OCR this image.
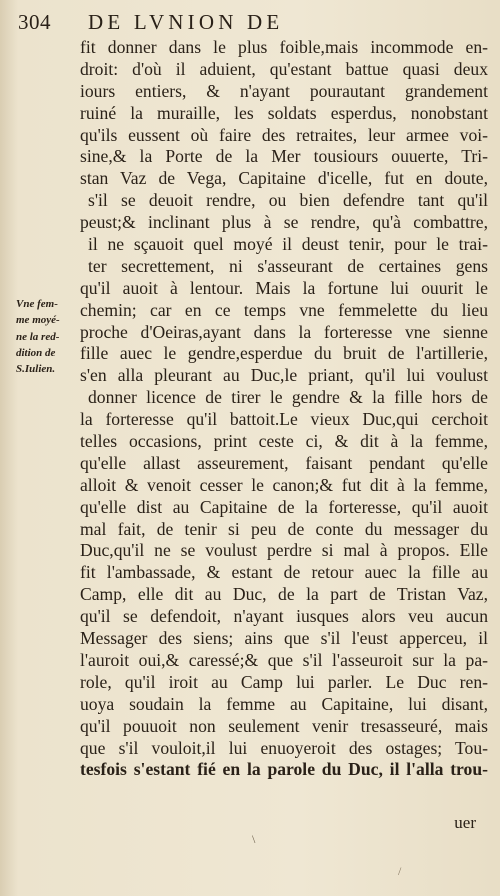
304 DE LVNION DE
Vne fem-
me moyé-
ne la red-
dition de
S.Iulien.
fit donner dans le plus foible,mais incommode en-
droit: d'où il aduient, qu'estant battue quasi deux
iours entiers, & n'ayant pourautant grandement
ruiné la muraille, les soldats esperdus, nonobstant
qu'ils eussent où faire des retraites, leur armee voi-
sine,& la Porte de la Mer tousiours ouuerte, Tri-
stan Vaz de Vega, Capitaine d'icelle, fut en doute,
s'il se deuoit rendre, ou bien defendre tant qu'il
peust;& inclinant plus à se rendre, qu'à combattre,
il ne sçauoit quel moyé il deust tenir, pour le trai-
ter secrettement, ni s'asseurant de certaines gens
qu'il auoit à lentour. Mais la fortune lui ouurit le
chemin; car en ce temps vne femmelette du lieu
proche d'Oeiras,ayant dans la forteresse vne sienne
fille auec le gendre,esperdue du bruit de l'artillerie,
s'en alla pleurant au Duc,le priant, qu'il lui voulust
donner licence de tirer le gendre & la fille hors de
la forteresse qu'il battoit.Le vieux Duc,qui cerchoit
telles occasions, print ceste ci, & dit à la femme,
qu'elle allast asseurement, faisant pendant qu'elle
alloit & venoit cesser le canon;& fut dit à la femme,
qu'elle dist au Capitaine de la forteresse, qu'il auoit
mal fait, de tenir si peu de conte du messager du
Duc,qu'il ne se voulust perdre si mal à propos. Elle
fit l'ambassade, & estant de retour auec la fille au
Camp, elle dit au Duc, de la part de Tristan Vaz,
qu'il se defendoit, n'ayant iusques alors veu aucun
Messager des siens; ains que s'il l'eust apperceu, il
l'auroit oui,& caressé;& que s'il l'asseuroit sur la pa-
role, qu'il iroit au Camp lui parler. Le Duc ren-
uoya soudain la femme au Capitaine, lui disant,
qu'il pouuoit non seulement venir tresasseuré, mais
que s'il vouloit,il lui enuoyeroit des ostages; Tou-
tesfois s'estant fié en la parole du Duc, il l'alla trou-
uer
\
/
